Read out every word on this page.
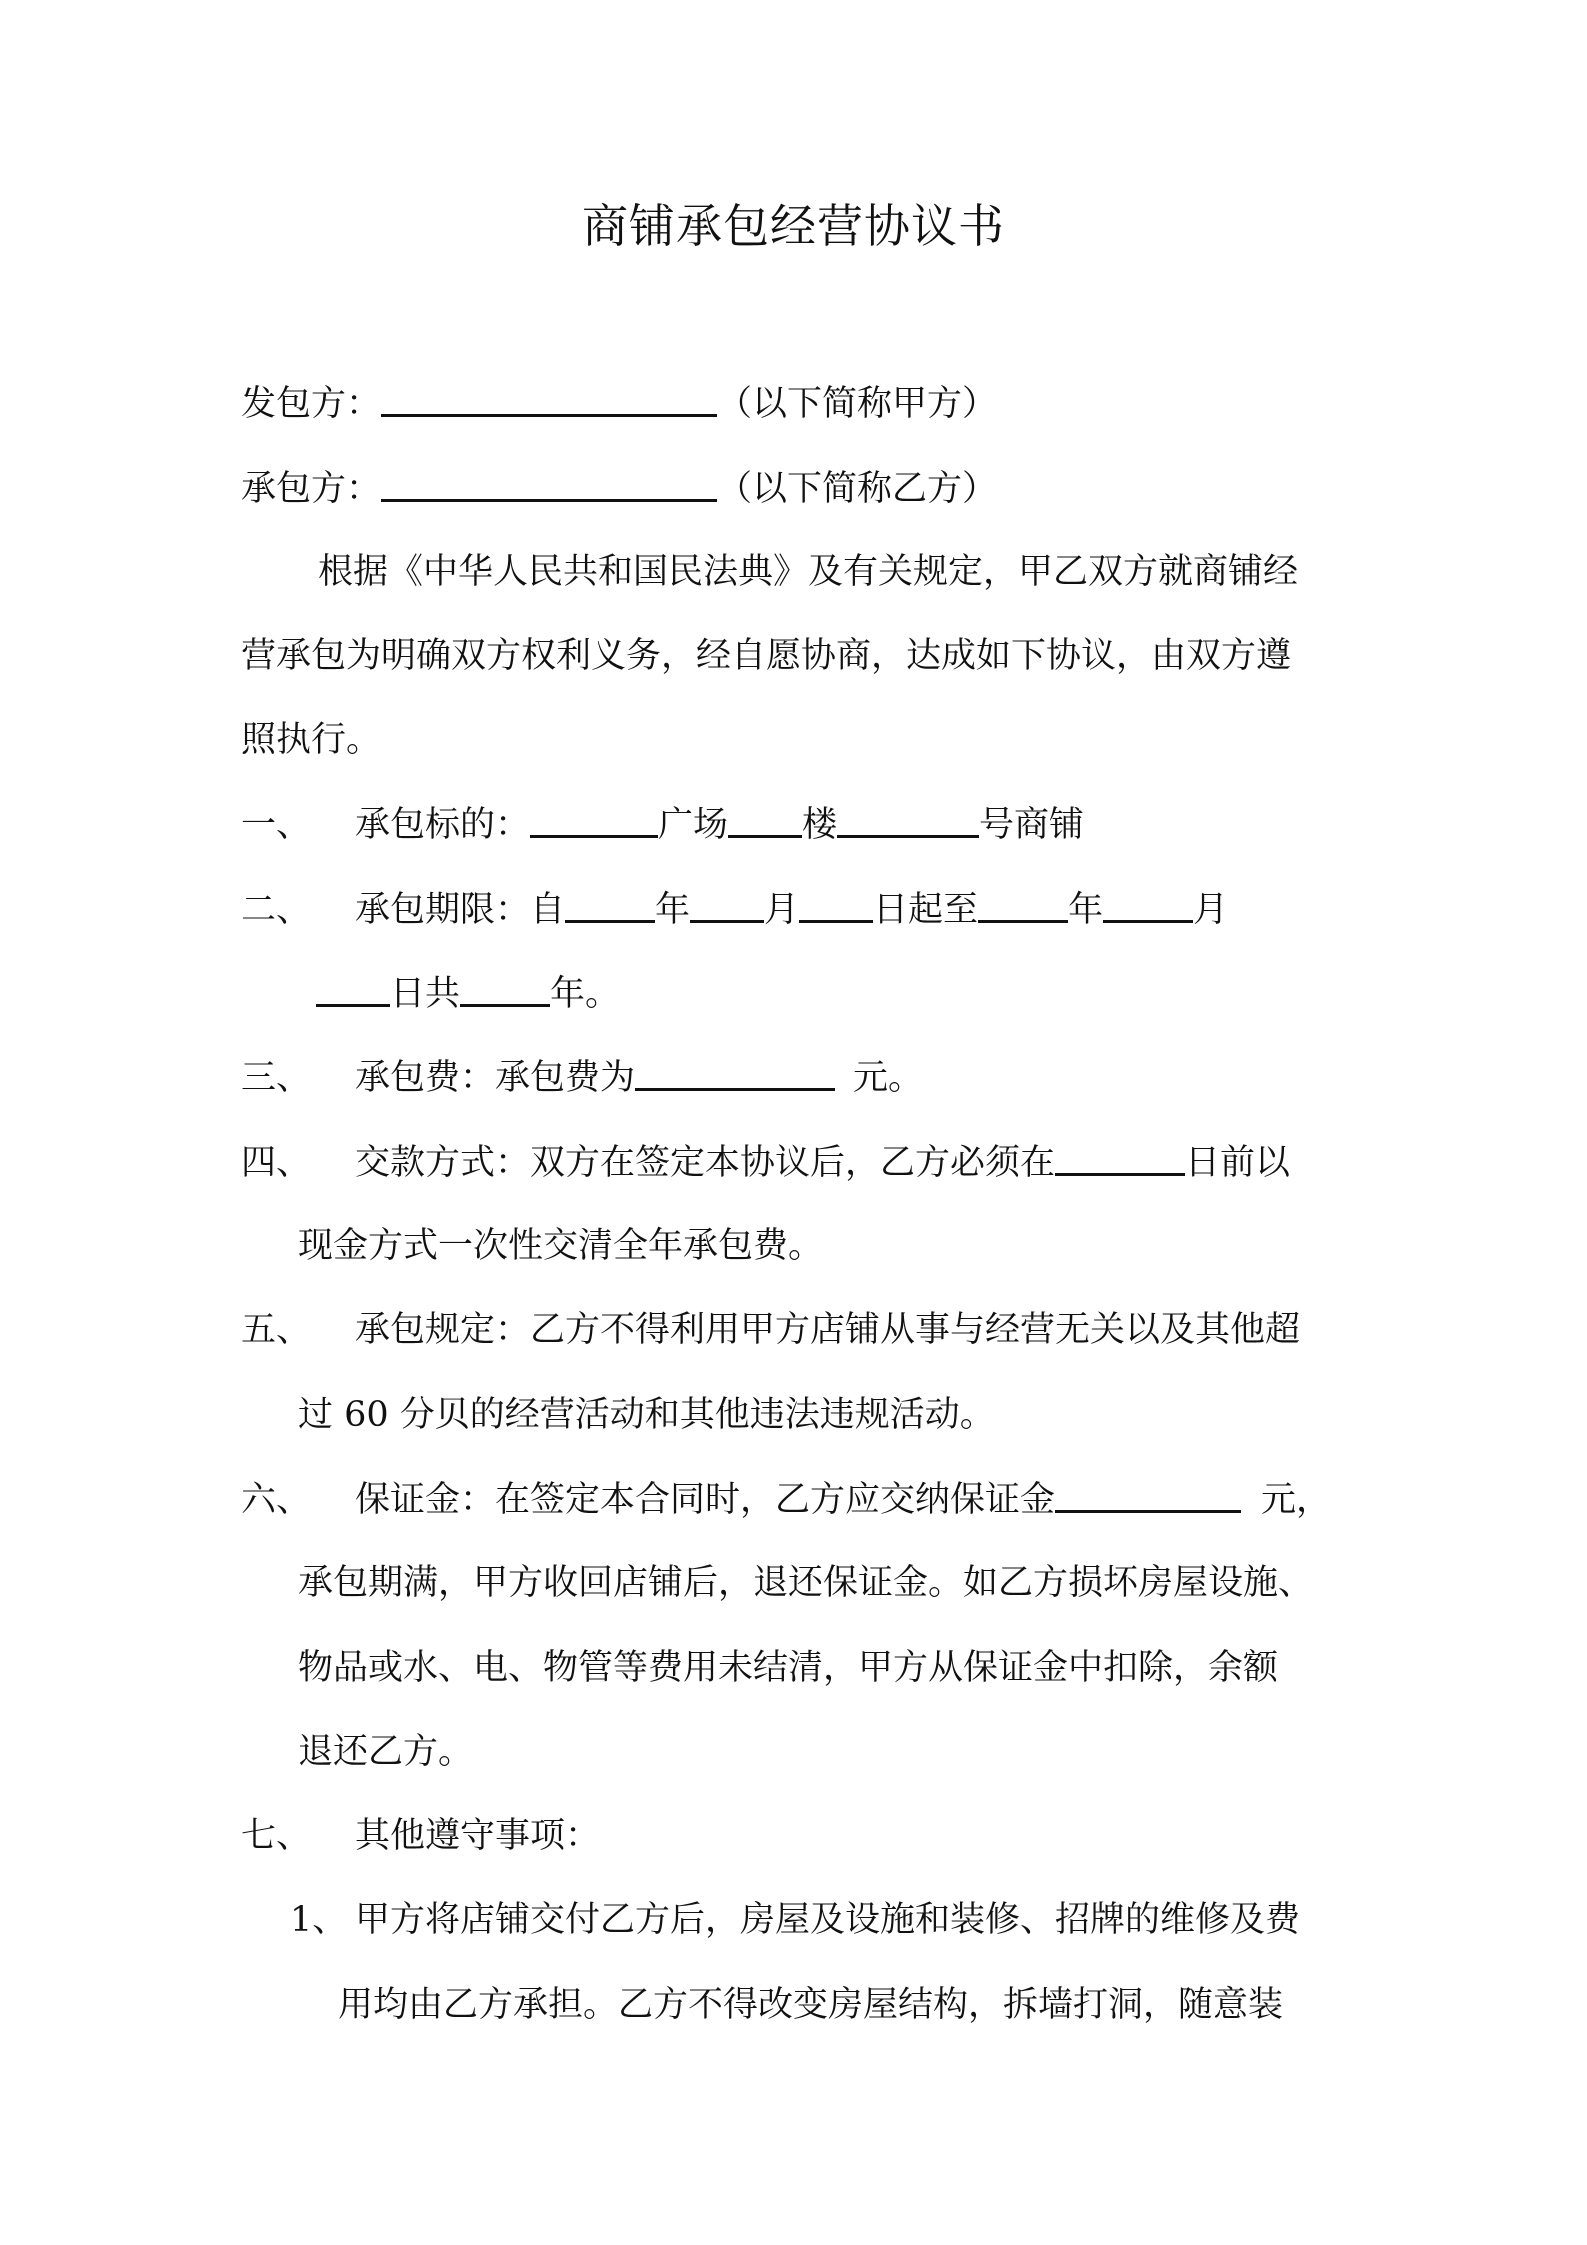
商铺承包经营协议书
发包方：	（以下简称甲方）
承包方：	（以下简称乙方）
根据《中华人民共和国民法典》及有关规定，甲乙双方就商铺经
营承包为明确双方权利义务，经自愿协商，达成如下协议，由双方遵
照执行。
一、 承包标的：	广场 楼	号商铺
二、 承包期限：自	年 月 日起至	年	月
日共	年。
三、 承包费：承包费为	元。
四、 交款方式：双方在签定本协议后，乙方必须在	日前以
现金方式一次性交清全年承包费。
五、 承包规定：乙方不得利用甲方店铺从事与经营无关以及其他超
过 60 分贝的经营活动和其他违法违规活动。
六、 保证金：在签定本合同时，乙方应交纳保证金	元，
承包期满，甲方收回店铺后，退还保证金。如乙方损坏房屋设施、
物品或水、电、物管等费用未结清，甲方从保证金中扣除，余额
退还乙方。
七、 其他遵守事项：
1、 甲方将店铺交付乙方后，房屋及设施和装修、招牌的维修及费
用均由乙方承担。乙方不得改变房屋结构，拆墙打洞，随意装
